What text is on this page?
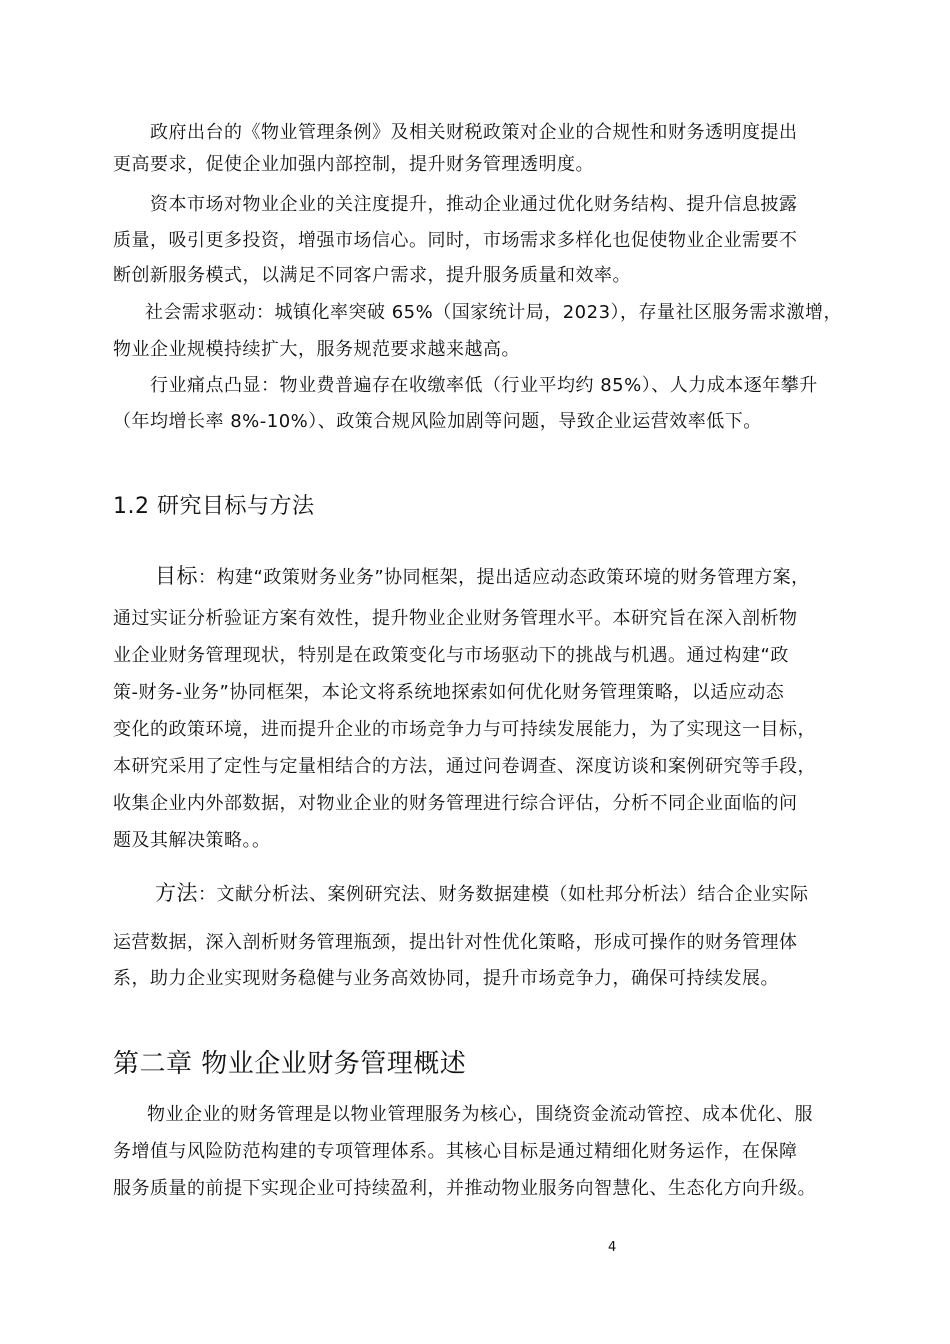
政府出台的《物业管理条例》及相关财税政策对企业的合规性和财务透明度提出

更高要求，促使企业加强内部控制，提升财务管理透明度。

资本市场对物业企业的关注度提升，推动企业通过优化财务结构、提升信息披露

质量，吸引更多投资，增强市场信心。同时，市场需求多样化也促使物业企业需要不

断创新服务模式，以满足不同客户需求，提升服务质量和效率。

社会需求驱动：城镇化率突破 65%（国家统计局，2023），存量社区服务需求激增，

物业企业规模持续扩大，服务规范要求越来越高。

行业痛点凸显：物业费普遍存在收缴率低（行业平均约 85%）、人力成本逐年攀升

（年均增长率 8%-10%）、政策合规风险加剧等问题，导致企业运营效率低下。

1.2 研究目标与方法

目标：构建“政策财务业务”协同框架，提出适应动态政策环境的财务管理方案，

通过实证分析验证方案有效性，提升物业企业财务管理水平。本研究旨在深入剖析物

业企业财务管理现状，特别是在政策变化与市场驱动下的挑战与机遇。通过构建“政

策-财务-业务”协同框架，本论文将系统地探索如何优化财务管理策略，以适应动态

变化的政策环境，进而提升企业的市场竞争力与可持续发展能力，为了实现这一目标，

本研究采用了定性与定量相结合的方法，通过问卷调查、深度访谈和案例研究等手段，

收集企业内外部数据，对物业企业的财务管理进行综合评估，分析不同企业面临的问

题及其解决策略。。

方法：文献分析法、案例研究法、财务数据建模（如杜邦分析法）结合企业实际

运营数据，深入剖析财务管理瓶颈，提出针对性优化策略，形成可操作的财务管理体

系，助力企业实现财务稳健与业务高效协同，提升市场竞争力，确保可持续发展。

第二章 物业企业财务管理概述

物业企业的财务管理是以物业管理服务为核心，围绕资金流动管控、成本优化、服

务增值与风险防范构建的专项管理体系。其核心目标是通过精细化财务运作，在保障

服务质量的前提下实现企业可持续盈利，并推动物业服务向智慧化、生态化方向升级。

4
